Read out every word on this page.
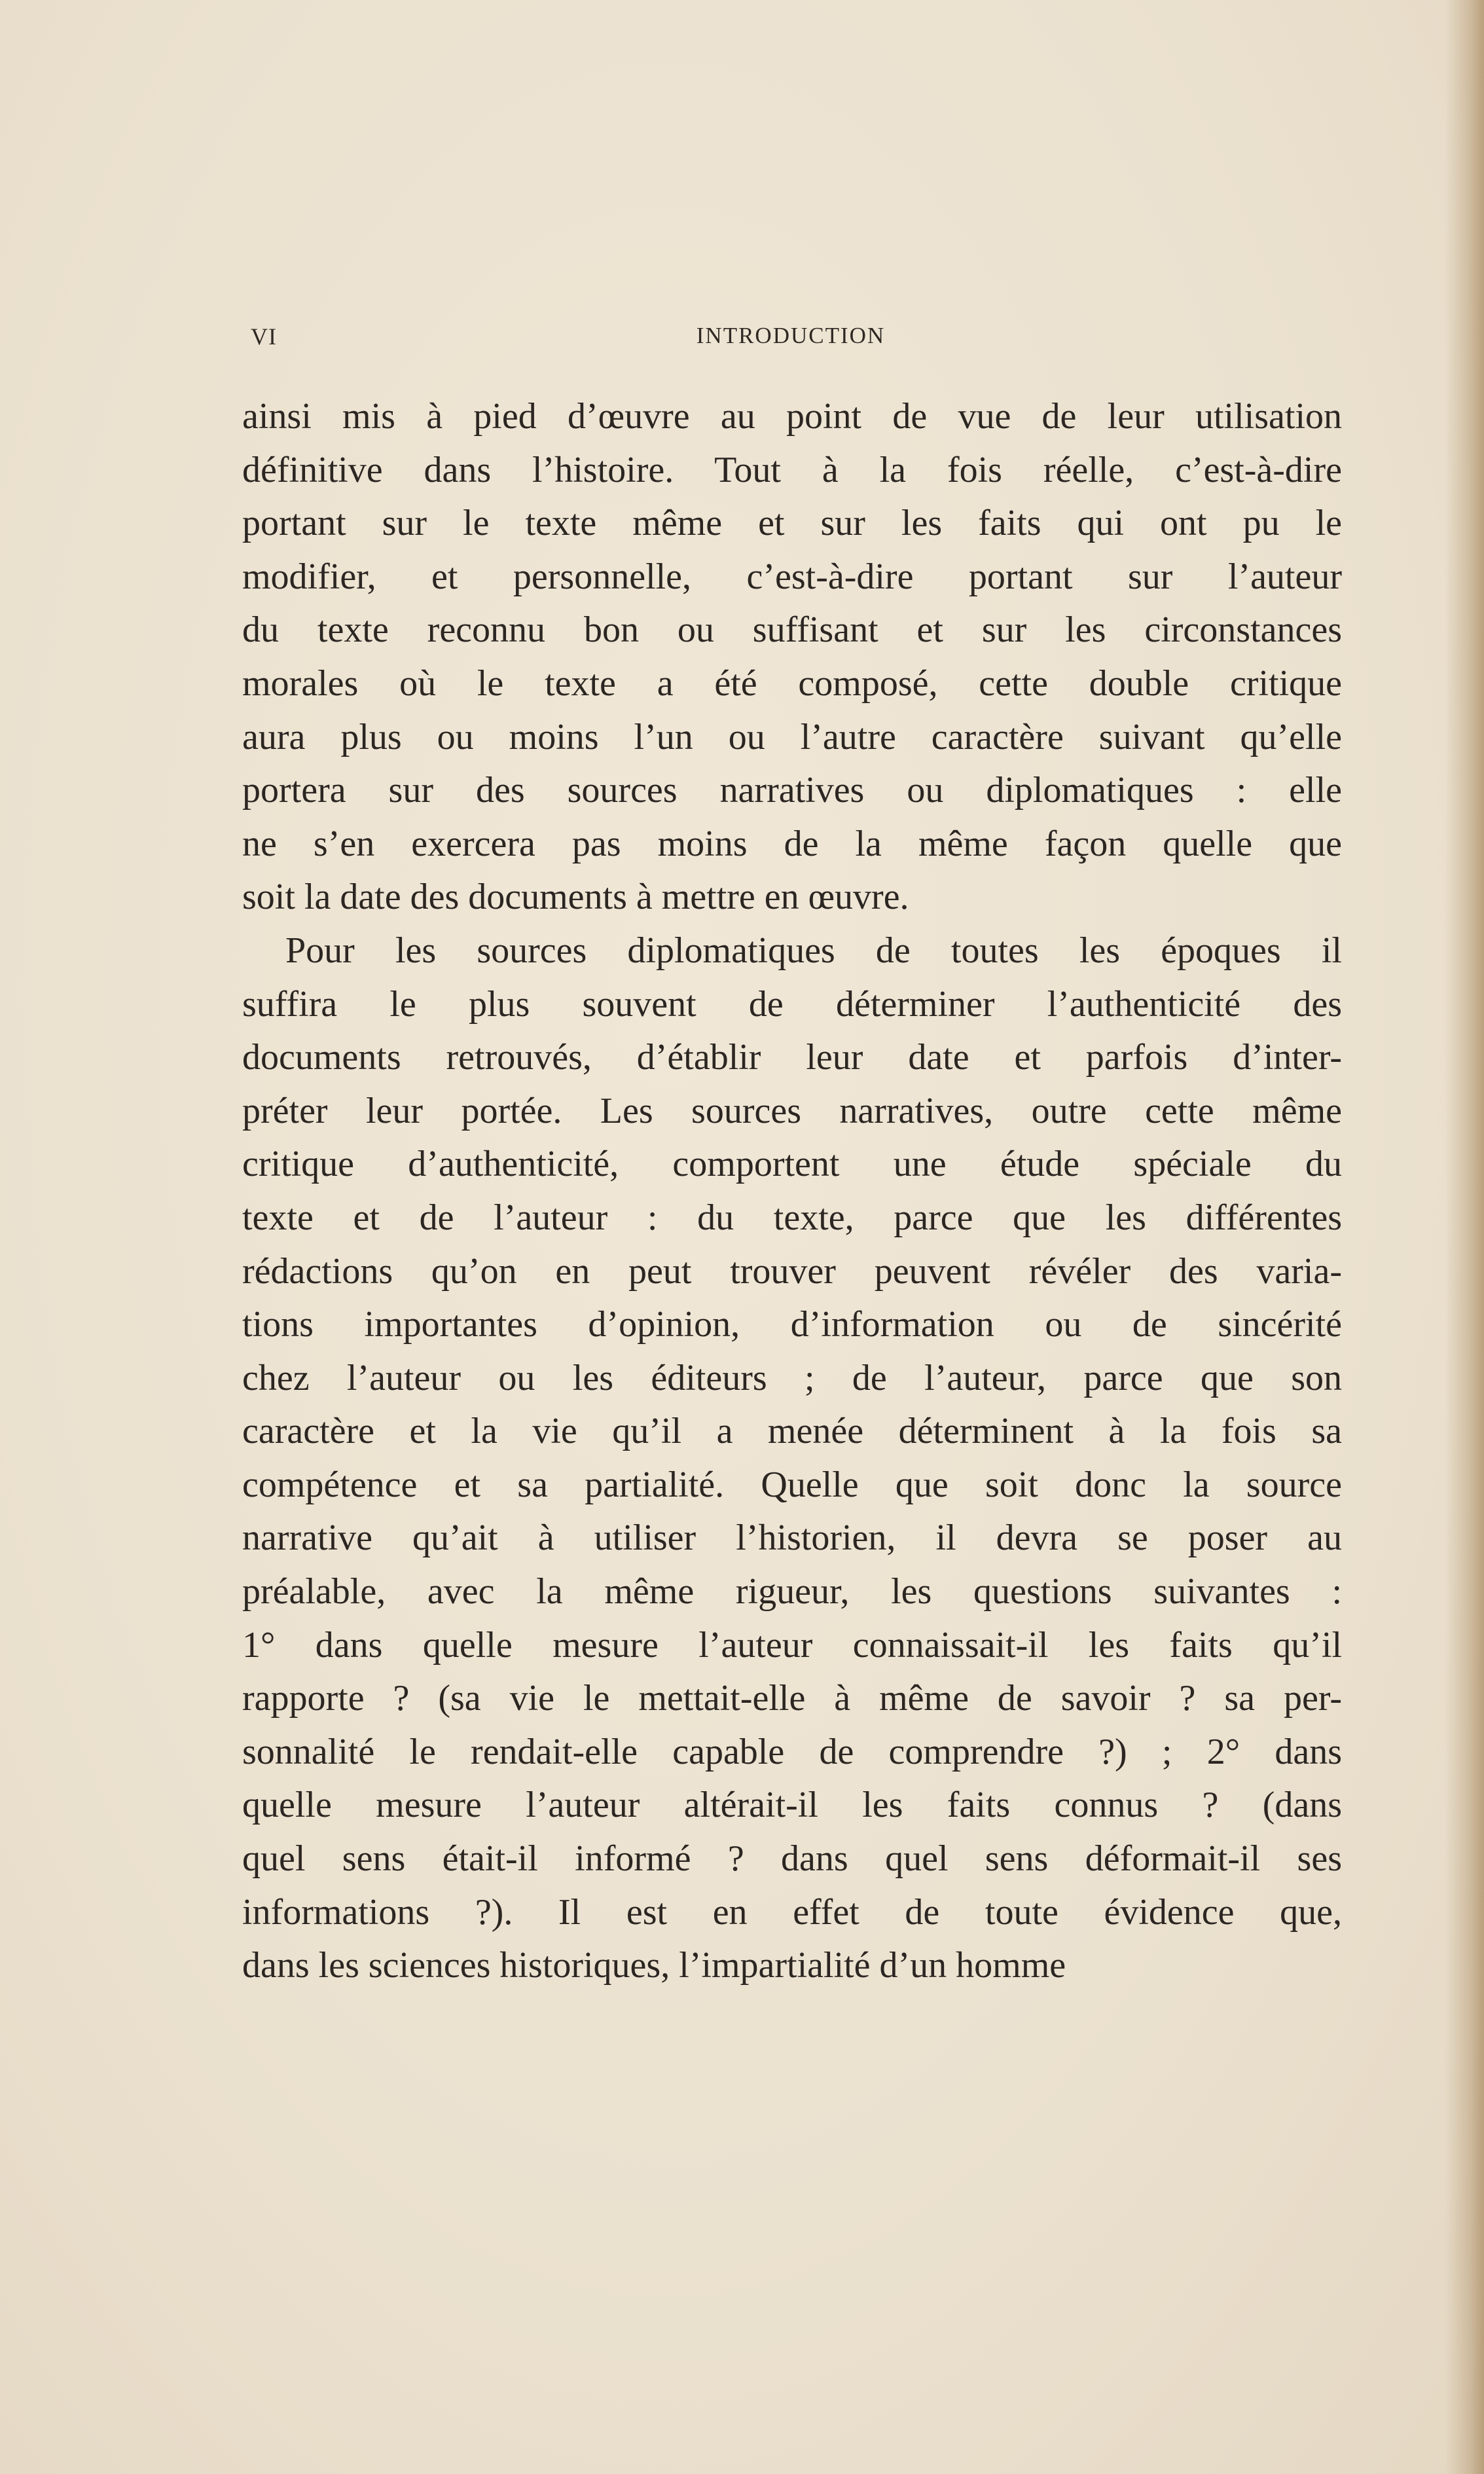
VI	INTRODUCTION
ainsi mis à pied d’œuvre au point de vue de leur utilisation
définitive dans l’histoire. Tout à la fois réelle, c’est-à-dire
portant sur le texte même et sur les faits qui ont pu le
modifier, et personnelle, c’est-à-dire portant sur l’auteur
du texte reconnu bon ou suffisant et sur les circonstances
morales où le texte a été composé, cette double critique
aura plus ou moins l’un ou l’autre caractère suivant qu’elle
portera sur des sources narratives ou diplomatiques : elle
ne s’en exercera pas moins de la même façon quelle que
soit la date des documents à mettre en œuvre.
Pour les sources diplomatiques de toutes les époques il
suffira le plus souvent de déterminer l’authenticité des
documents retrouvés, d’établir leur date et parfois d’inter-
préter leur portée. Les sources narratives, outre cette même
critique d’authenticité, comportent une étude spéciale du
texte et de l’auteur : du texte, parce que les différentes
rédactions qu’on en peut trouver peuvent révéler des varia-
tions importantes d’opinion, d’information ou de sincérité
chez l’auteur ou les éditeurs ; de l’auteur, parce que son
caractère et la vie qu’il a menée déterminent à la fois sa
compétence et sa partialité. Quelle que soit donc la source
narrative qu’ait à utiliser l’historien, il devra se poser au
préalable, avec la même rigueur, les questions suivantes :
1° dans quelle mesure l’auteur connaissait-il les faits qu’il
rapporte ? (sa vie le mettait-elle à même de savoir ? sa per-
sonnalité le rendait-elle capable de comprendre ?) ; 2° dans
quelle mesure l’auteur altérait-il les faits connus ? (dans
quel sens était-il informé ? dans quel sens déformait-il ses
informations ?). Il est en effet de toute évidence que,
dans les sciences historiques, l’impartialité d’un homme
